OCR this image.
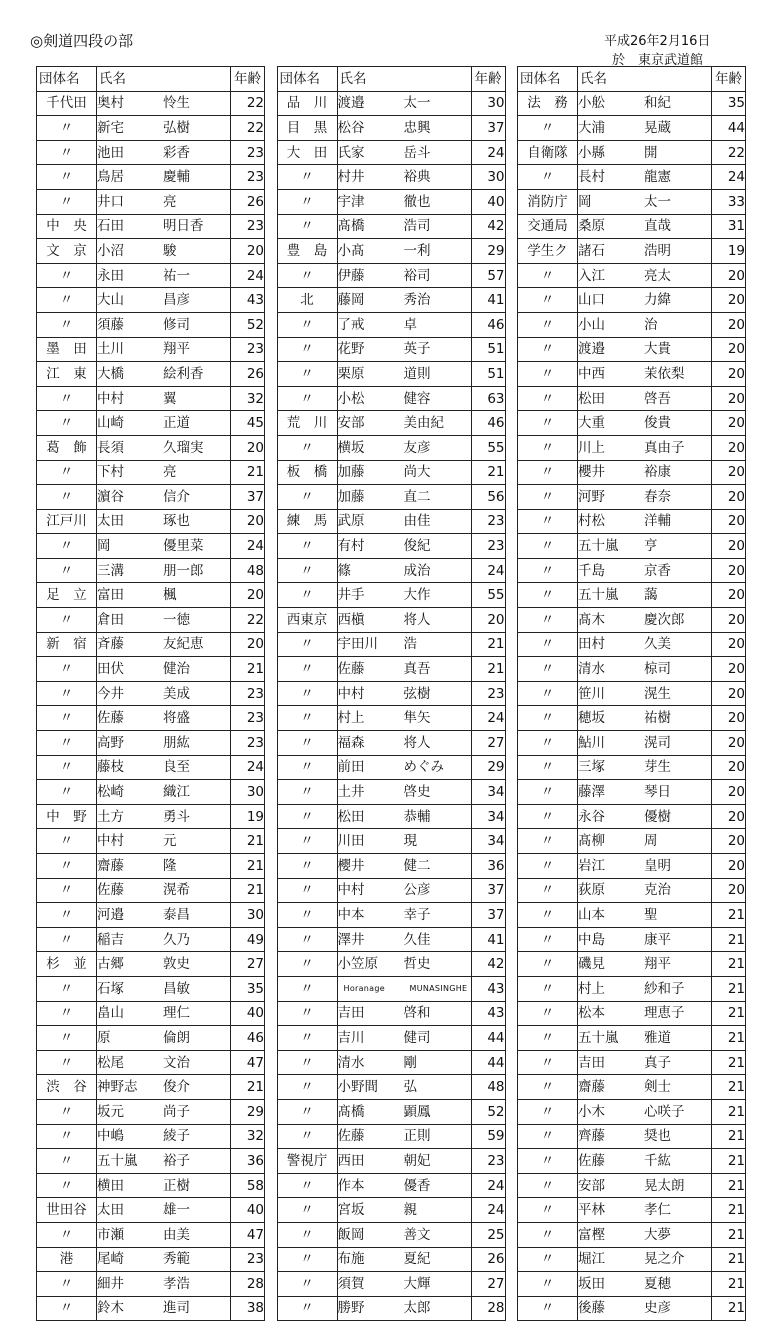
◎剣道四段の部	平成26年2月16日
於　東京武道館
団体名	氏名	年齢
千代田	奥村 怜生	22
〃	新宅 弘樹	22
〃	池田 彩香	23
〃	鳥居 慶輔	23
〃	井口 亮	26
中　央	石田 明日香	23
文　京	小沼 駿	20
〃	永田 祐一	24
〃	大山 昌彦	43
〃	須藤 修司	52
墨　田	土川 翔平	23
江　東	大橋 絵利香	26
〃	中村 翼	32
〃	山崎 正道	45
葛　飾	長須 久瑠実	20
〃	下村 亮	21
〃	濵谷 信介	37
江戸川	太田 琢也	20
〃	岡 優里菜	24
〃	三溝 朋一郎	48
足　立	富田 楓	20
〃	倉田 一徳	22
新　宿	斉藤 友紀恵	20
〃	田伏 健治	21
〃	今井 美成	23
〃	佐藤 将盛	23
〃	高野 朋紘	23
〃	藤枝 良至	24
〃	松崎 織江	30
中　野	土方 勇斗	19
〃	中村 元	21
〃	齋藤 隆	21
〃	佐藤 滉希	21
〃	河邉 泰昌	30
〃	稲吉 久乃	49
杉　並	古郷 敦史	27
〃	石塚 昌敏	35
〃	畠山 理仁	40
〃	原 倫朗	46
〃	松尾 文治	47
渋　谷	神野志 俊介	21
〃	坂元 尚子	29
〃	中嶋 綾子	32
〃	五十嵐 裕子	36
〃	横田 正樹	58
世田谷	太田 雄一	40
〃	市瀬 由美	47
港	尾崎 秀範	23
〃	細井 孝浩	28
〃	鈴木 進司	38
団体名	氏名	年齢
品　川	渡邉 太一	30
目　黒	松谷 忠興	37
大　田	氏家 岳斗	24
〃	村井 裕典	30
〃	宇津 徹也	40
〃	髙橋 浩司	42
豊　島	小髙 一利	29
〃	伊藤 裕司	57
北	藤岡 秀治	41
〃	了戒 卓	46
〃	花野 英子	51
〃	栗原 道則	51
〃	小松 健容	63
荒　川	安部 美由紀	46
〃	横坂 友彦	55
板　橋	加藤 尚大	21
〃	加藤 直二	56
練　馬	武原 由佳	23
〃	有村 俊紀	23
〃	篠 成治	24
〃	井手 大作	55
西東京	西槇 将人	20
〃	宇田川 浩	21
〃	佐藤 真吾	21
〃	中村 弦樹	23
〃	村上 隼矢	24
〃	福森 将人	27
〃	前田 めぐみ	29
〃	土井 啓史	34
〃	松田 恭輔	34
〃	川田 現	34
〃	櫻井 健二	36
〃	中村 公彦	37
〃	中本 幸子	37
〃	澤井 久佳	41
〃	小笠原 哲史	42
〃	Horanage MUNASINGHE	43
〃	吉田 啓和	43
〃	吉川 健司	44
〃	清水 剛	44
〃	小野間 弘	48
〃	髙橋 顕鳳	52
〃	佐藤 正則	59
警視庁	西田 朝妃	23
〃	作本 優香	24
〃	宮坂 親	24
〃	飯岡 善文	25
〃	布施 夏紀	26
〃	須賀 大輝	27
〃	勝野 太郎	28
団体名	氏名	年齢
法　務	小舩 和紀	35
〃	大浦 晃蔵	44
自衛隊	小縣 開	22
〃	長村 龍憲	24
消防庁	岡 太一	33
交通局	桑原 直哉	31
学生ク	諸石 浩明	19
〃	入江 亮太	20
〃	山口 力緯	20
〃	小山 治	20
〃	渡邉 大貴	20
〃	中西 茉依梨	20
〃	松田 啓吾	20
〃	大重 俊貴	20
〃	川上 真由子	20
〃	櫻井 裕康	20
〃	河野 春奈	20
〃	村松 洋輔	20
〃	五十嵐 亨	20
〃	千島 京香	20
〃	五十嵐 藹	20
〃	髙木 慶次郎	20
〃	田村 久美	20
〃	清水 椋司	20
〃	笹川 滉生	20
〃	穂坂 祐樹	20
〃	鮎川 滉司	20
〃	三塚 芽生	20
〃	藤澤 琴日	20
〃	永谷 優樹	20
〃	髙柳 周	20
〃	岩江 皇明	20
〃	荻原 克治	20
〃	山本 聖	21
〃	中島 康平	21
〃	磯見 翔平	21
〃	村上 紗和子	21
〃	松本 理恵子	21
〃	五十嵐 雅道	21
〃	吉田 真子	21
〃	齋藤 剣士	21
〃	小木 心咲子	21
〃	齊藤 奨也	21
〃	佐藤 千紘	21
〃	安部 晃太朗	21
〃	平林 孝仁	21
〃	富樫 大夢	21
〃	堀江 晃之介	21
〃	坂田 夏穂	21
〃	後藤 史彦	21
